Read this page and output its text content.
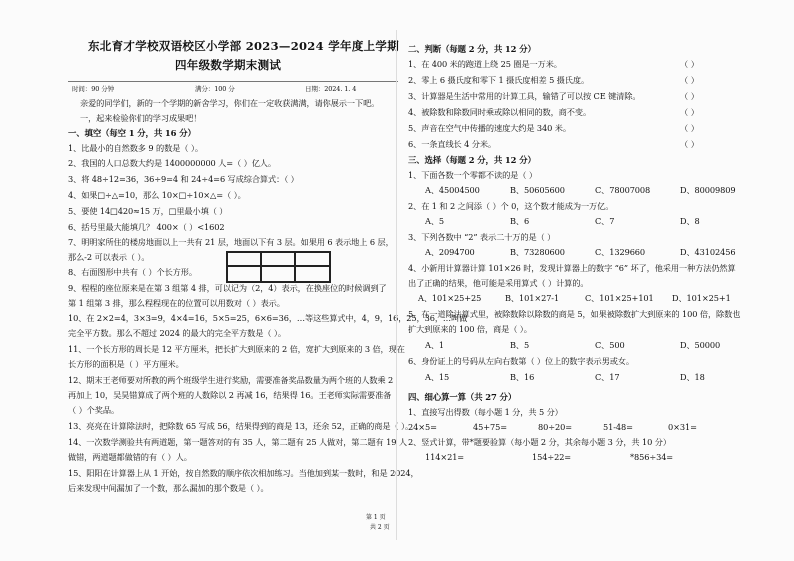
东北育才学校双语校区小学部 2023—2024 学年度上学期
四年级数学期末测试
时间：90 分钟	满分：100 分	日期：2024. 1. 4
亲爱的同学们，新的一个学期的新舍学习，你们在一定收获满满，请你展示一下吧。
一，起来检验你们的学习成果吧！
一、填空（每空 1 分，共 16 分）
1、比最小的自然数多 9 的数是（ ）。
2、我国的人口总数大约是 1400000000 人=（ ）亿人。
3、将 48÷12=36，36÷9=4 和 24÷4=6 写成综合算式：（ ）
4、如果□÷△=10，那么 10×□÷10×△=（ ）。
5、要使 14□420≈15 万，□里最小填（ ）
6、括号里最大能填几？ 400×（ ）<1602
7、明明家所住的楼房地面以上一共有 21 层，地面以下有 3 层。如果用 6 表示地上 6 层，
那么-2 可以表示（ ）。
8、右面图形中共有（ ）个长方形。
9、程程的座位原来是在第 3 组第 4 排，可以记为（2，4）表示，在换座位的时候调到了
第 1 组第 3 排，那么程程现在的位置可以用数对（ ）表示。
10、在 2×2=4，3×3=9，4×4=16，5×5=25，6×6=36，…等这些算式中，4，9，16，25，36，…叫做
完全平方数。那么不超过 2024 的最大的完全平方数是（ ）。
11、一个长方形的周长是 12 平方厘米，把长扩大到原来的 2 倍，宽扩大到原来的 3 倍，现在
长方形的面积是（ ）平方厘米。
12、期末王老师要对所教的两个班级学生进行奖励，需要准备奖品数量为两个班的人数乘 2
再加上 10，吴昊错算成了两个班的人数除以 2 再减 16，结果得 16。王老师实际需要准备
（ ）个奖品。
13、亮亮在计算除法时，把除数 65 写成 56，结果得到的商是 13，还余 52，正确的商是（ ）。
14、一次数学测验共有两道题，第一题答对的有 35 人，第二题有 25 人做对，第二题有 19 人
做错，两道题都做错的有（ ）人。
15、阳阳在计算器上从 1 开始，按自然数的顺序依次相加练习。当他加到某一数时，和是 2024，
后来发现中间漏加了一个数，那么漏加的那个数是（ ）。
二、判断（每题 2 分，共 12 分）
1、在 400 米的跑道上绕 25 圈是一万米。	（ ）
2、零上 6 摄氏度和零下 1 摄氏度相差 5 摄氏度。	（ ）
3、计算器是生活中常用的计算工具，输错了可以按 CE 键清除。	（ ）
4、被除数和除数同时乘或除以相同的数，商不变。	（ ）
5、声音在空气中传播的速度大约是 340 米。	（ ）
6、一条直线长 4 分米。	（ ）
三、选择（每题 2 分，共 12 分）
1、下面各数一个零都不读的是（ ）
A、45004500	B、50605600	C、78007008	D、80009809
2、在 1 和 2 之间添（ ）个 0，这个数才能成为一万亿。
A、5	B、6	C、7	D、8
3、下列各数中 “2” 表示二十万的是（ ）
A、2094700	B、73280600	C、1329660	D、43102456
4、小新用计算器计算 101×26 时，发现计算器上的数字 “6” 坏了，他采用一种方法仍然算
出了正确的结果，他可能是采用算式（ ）计算的。
A、101×25+25	B、101×27-1	C、101×25+101 D、101×25+1
5、在一道除法算式里，被除数除以除数的商是 5，如果被除数扩大到原来的 100 倍，除数也
扩大到原来的 100 倍，商是（ ）。
A、1	B、5	C、500	D、50000
6、身份证上的号码从左向右数第（ ）位上的数字表示男或女。
A、15	B、16	C、17	D、18
四、细心算一算（共 27 分）
1、直接写出得数（每小题 1 分，共 5 分）
24×5=	45+75=	80÷20=	51-48=	0×31=
2、竖式计算，带*题要验算（每小题 2 分，其余每小题 3 分，共 10 分）
114×21=	154÷22=	*856÷34=
第 1 页
共 2 页
